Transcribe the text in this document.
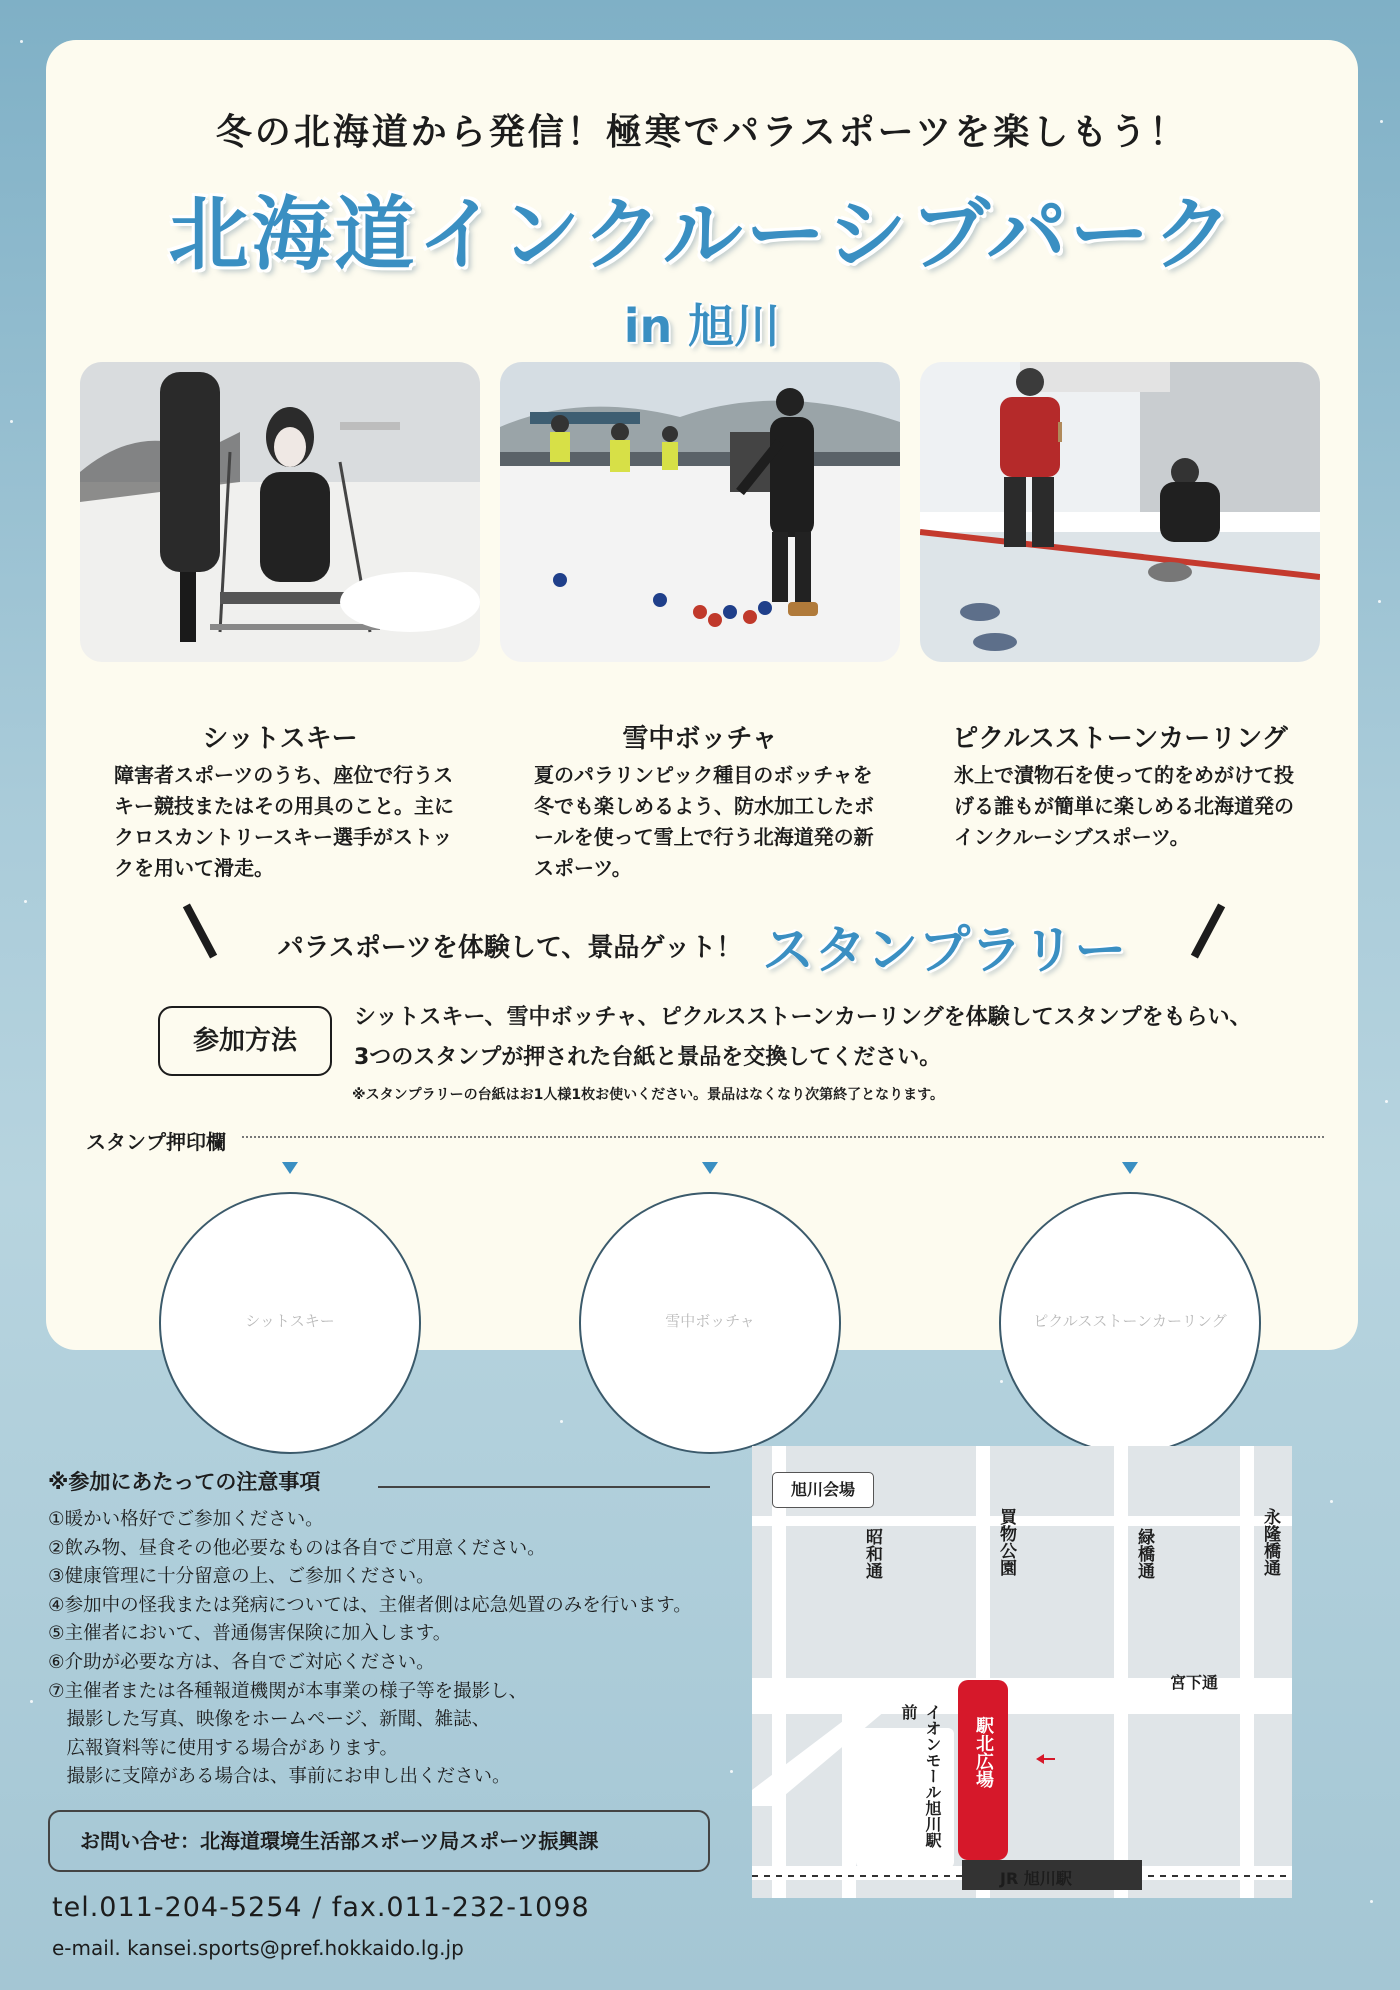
冬の北海道から発信！極寒でパラスポーツを楽しもう！
北海道インクルーシブパーク
in 旭川
シットスキー	雪中ボッチャ	ピクルスストーンカーリング
障害者スポーツのうち、座位で行うスキー競技またはその用具のこと。主にクロスカントリースキー選手がストックを用いて滑走。
夏のパラリンピック種目のボッチャを冬でも楽しめるよう、防水加工したボールを使って雪上で行う北海道発の新スポーツ。
氷上で漬物石を使って的をめがけて投げる誰もが簡単に楽しめる北海道発のインクルーシブスポーツ。
パラスポーツを体験して、景品ゲット！ スタンプラリー
参加方法
シットスキー、雪中ボッチャ、ピクルスストーンカーリングを体験してスタンプをもらい、
3つのスタンプが押された台紙と景品を交換してください。
※スタンプラリーの台紙はお1人様1枚お使いください。景品はなくなり次第終了となります。
スタンプ押印欄
シットスキー	雪中ボッチャ	ピクルスストーンカーリング
※参加にあたっての注意事項
①暖かい格好でご参加ください。
②飲み物、昼食その他必要なものは各自でご用意ください。
③健康管理に十分留意の上、ご参加ください。
④参加中の怪我または発病については、主催者側は応急処置のみを行います。
⑤主催者において、普通傷害保険に加入します。
⑥介助が必要な方は、各自でご対応ください。
⑦主催者または各種報道機関が本事業の様子等を撮影し、
　撮影した写真、映像をホームページ、新聞、雑誌、
　広報資料等に使用する場合があります。
　撮影に支障がある場合は、事前にお申し出ください。
お問い合せ：北海道環境生活部スポーツ局スポーツ振興課
tel.011-204-5254 / fax.011-232-1098
e-mail. kansei.sports@pref.hokkaido.lg.jp
旭川会場
昭和通	買物公園	緑橋通	永隆橋通
宮下通
イオンモール旭川駅前
駅北広場
JR 旭川駅
